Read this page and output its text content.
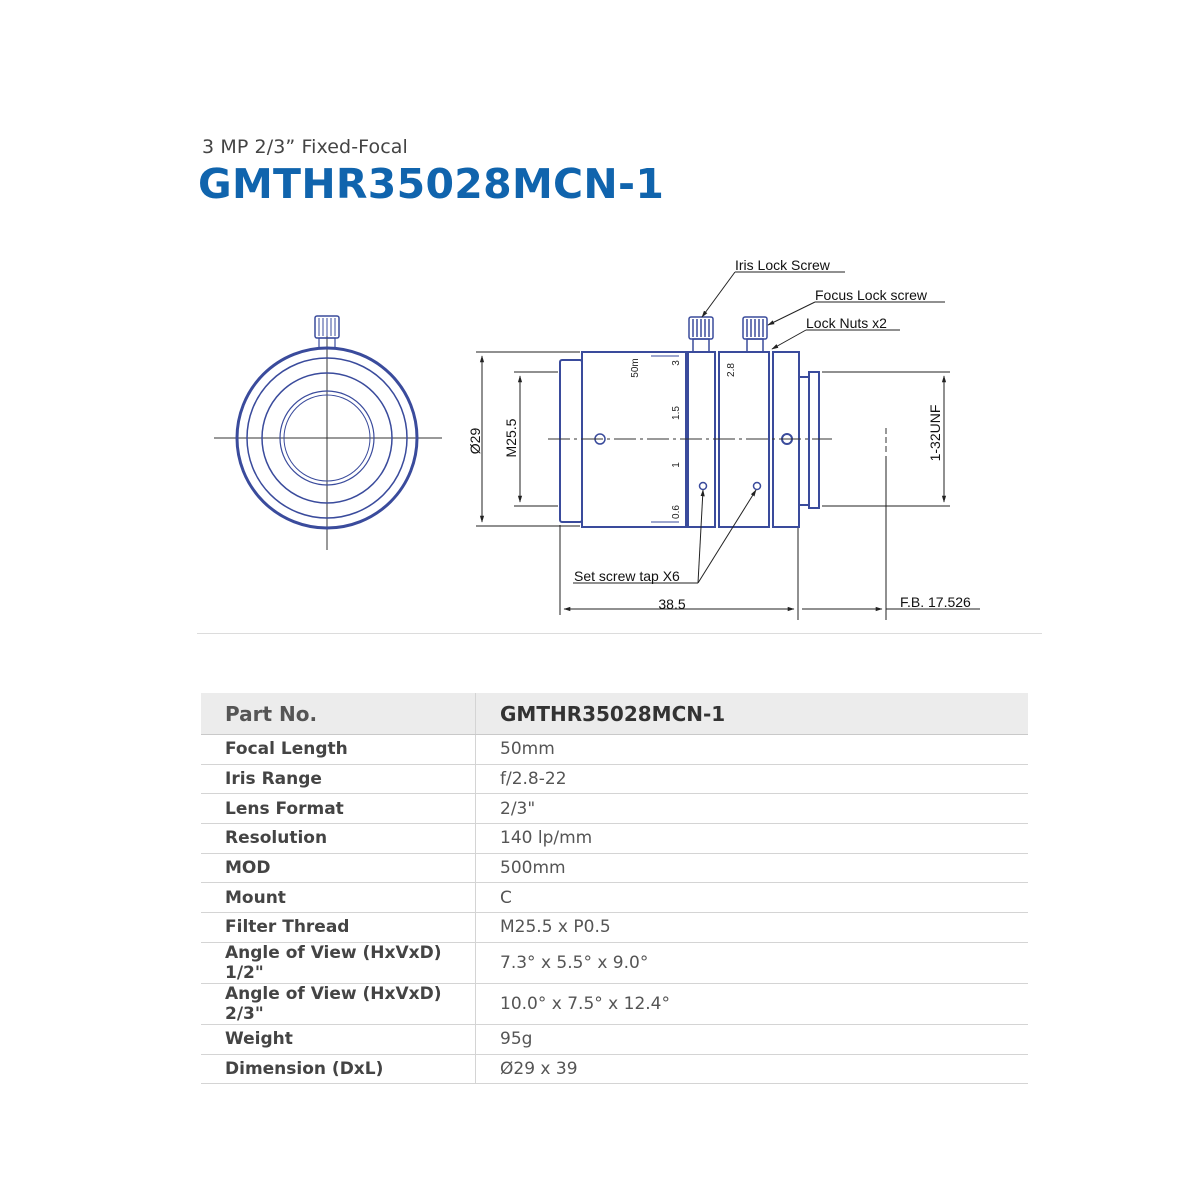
3 MP 2/3” Fixed-Focal
GMTHR35028MCN-1
50m	3
1.5
1
0.6
2.8
Ø29 M25.5	1-32UNF
38.5	F.B. 17.526
Iris Lock Screw
Focus Lock screw
Lock Nuts x2
Set screw tap X6
Part No.	GMTHR35028MCN-1
Focal Length	50mm
Iris Range	f/2.8-22
Lens Format	2/3"
Resolution	140 lp/mm
MOD	500mm
Mount	C
Filter Thread	M25.5 x P0.5
Angle of View (HxVxD) 1/2"	7.3° x 5.5° x 9.0°
Angle of View (HxVxD) 2/3"	10.0° x 7.5° x 12.4°
Weight	95g
Dimension (DxL)	Ø29 x 39
